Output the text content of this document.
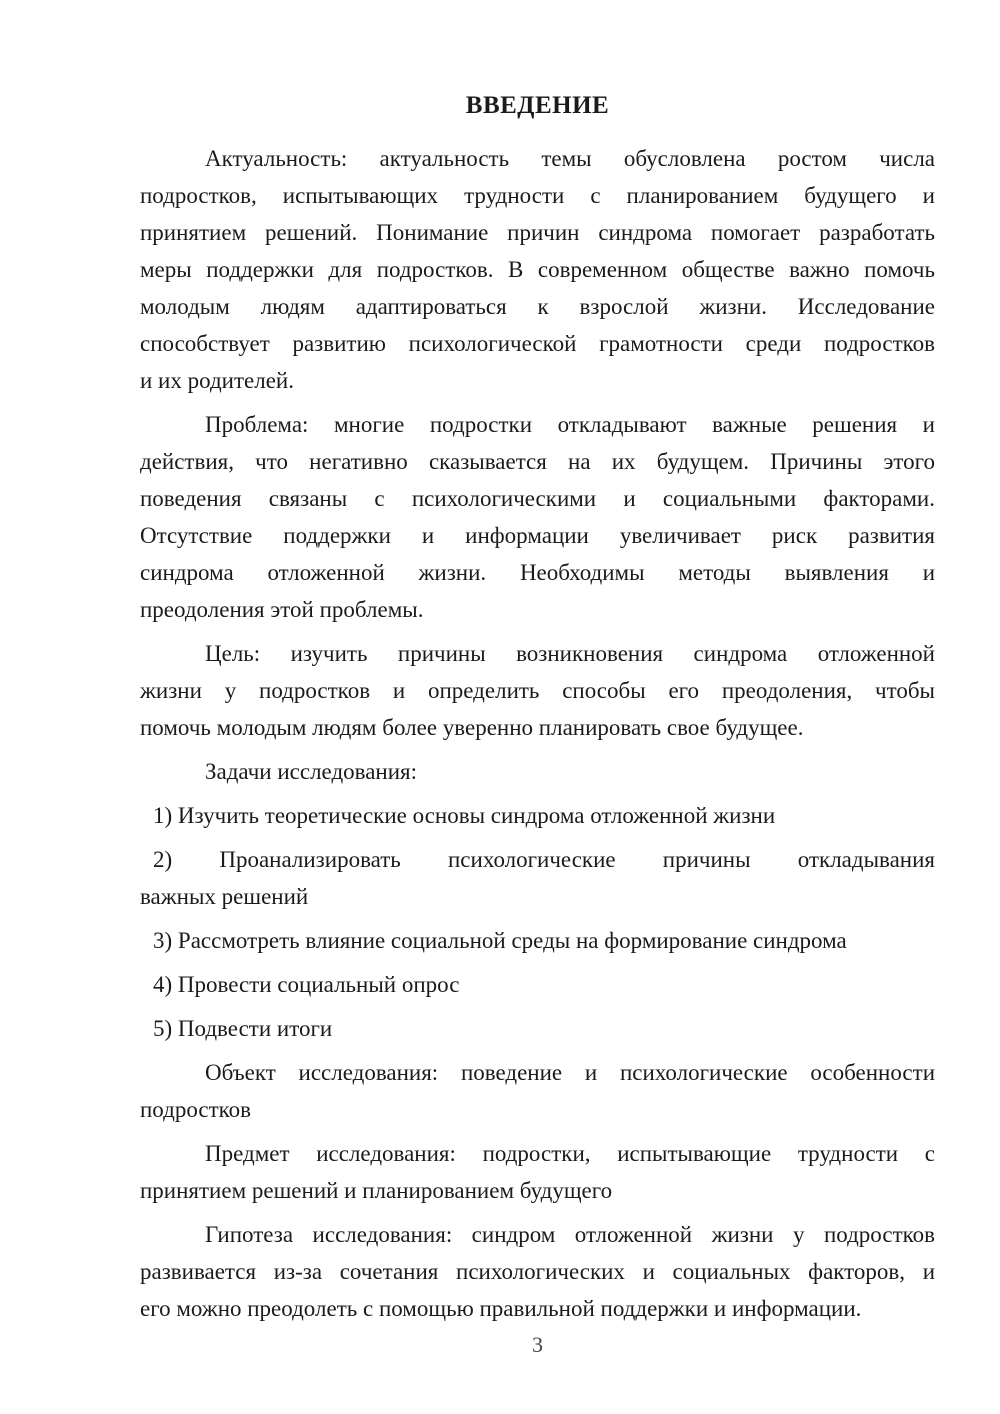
ВВЕДЕНИЕ
Актуальность: актуальность темы обусловлена ростом числа
подростков, испытывающих трудности с планированием будущего и
принятием решений. Понимание причин синдрома помогает разработать
меры поддержки для подростков. В современном обществе важно помочь
молодым людям адаптироваться к взрослой жизни. Исследование
способствует развитию психологической грамотности среди подростков
и их родителей.
Проблема: многие подростки откладывают важные решения и
действия, что негативно сказывается на их будущем. Причины этого
поведения связаны с психологическими и социальными факторами.
Отсутствие поддержки и информации увеличивает риск развития
синдрома отложенной жизни. Необходимы методы выявления и
преодоления этой проблемы.
Цель: изучить причины возникновения синдрома отложенной
жизни у подростков и определить способы его преодоления, чтобы
помочь молодым людям более уверенно планировать свое будущее.
Задачи исследования:
1) Изучить теоретические основы синдрома отложенной жизни
2) Проанализировать психологические причины откладывания
важных решений
3) Рассмотреть влияние социальной среды на формирование синдрома
4) Провести социальный опрос
5) Подвести итоги
Объект исследования: поведение и психологические особенности
подростков
Предмет исследования: подростки, испытывающие трудности с
принятием решений и планированием будущего
Гипотеза исследования: синдром отложенной жизни у подростков
развивается из-за сочетания психологических и социальных факторов, и
его можно преодолеть с помощью правильной поддержки и информации.
3
